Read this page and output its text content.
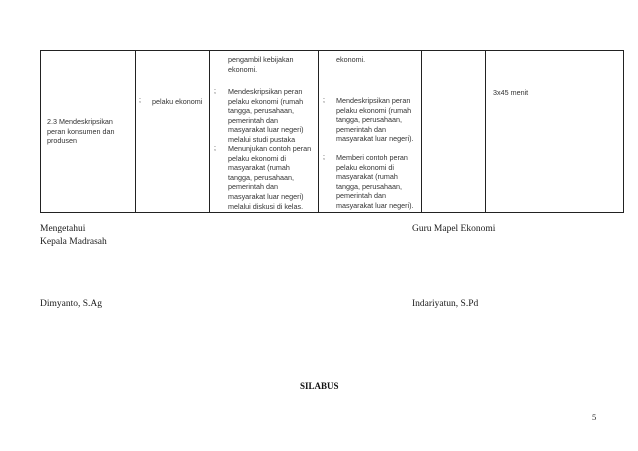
2.3 Mendeskripsikan peran konsumen dan produsen
; pelaku ekonomi
pengambil kebijakan ekonomi.
; Mendeskripsikan peran pelaku ekonomi (rumah tangga, perusahaan, pemerintah dan masyarakat luar negeri) melalui studi pustaka
; Menunjukan contoh peran pelaku ekonomi di masyarakat (rumah tangga, perusahaan, pemerintah dan masyarakat luar negeri) melalui diskusi di kelas.
ekonomi.
; Mendeskripsikan peran pelaku ekonomi (rumah tangga, perusahaan, pemerintah dan masyarakat luar negeri).
; Memberi contoh peran pelaku ekonomi di masyarakat (rumah tangga, perusahaan, pemerintah dan masyarakat luar negeri).
3x45 menit
Mengetahui
Kepala Madrasah
Dimyanto, S.Ag
Guru Mapel Ekonomi
Indariyatun, S.Pd
SILABUS
5
